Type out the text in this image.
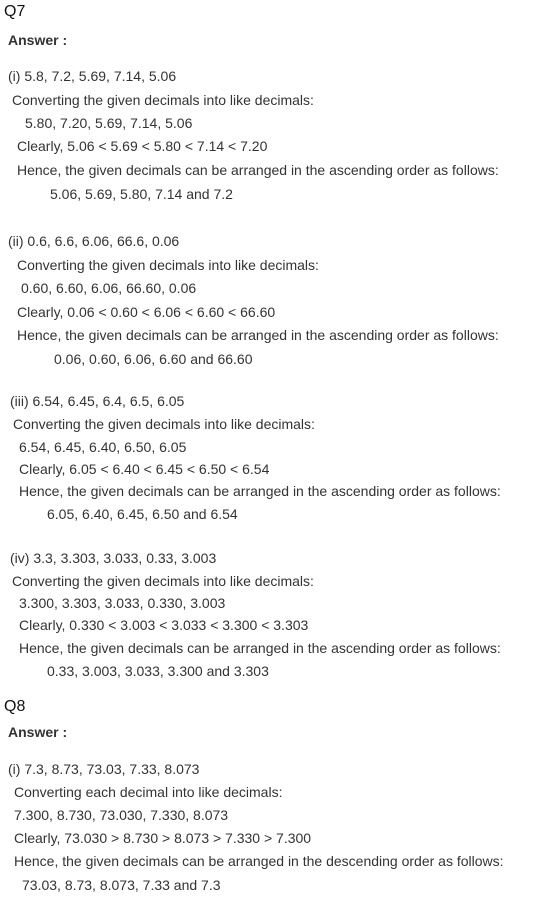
Q7
Answer :
(i) 5.8, 7.2, 5.69, 7.14, 5.06
Converting the given decimals into like decimals:
5.80, 7.20, 5.69, 7.14, 5.06
Clearly, 5.06 < 5.69 < 5.80 < 7.14 < 7.20
Hence, the given decimals can be arranged in the ascending order as follows:
5.06, 5.69, 5.80, 7.14 and 7.2
(ii) 0.6, 6.6, 6.06, 66.6, 0.06
Converting the given decimals into like decimals:
0.60, 6.60, 6.06, 66.60, 0.06
Clearly, 0.06 < 0.60 < 6.06 < 6.60 < 66.60
Hence, the given decimals can be arranged in the ascending order as follows:
0.06, 0.60, 6.06, 6.60 and 66.60
(iii) 6.54, 6.45, 6.4, 6.5, 6.05
Converting the given decimals into like decimals:
6.54, 6.45, 6.40, 6.50, 6.05
Clearly, 6.05 < 6.40 < 6.45 < 6.50 < 6.54
Hence, the given decimals can be arranged in the ascending order as follows:
6.05, 6.40, 6.45, 6.50 and 6.54
(iv) 3.3, 3.303, 3.033, 0.33, 3.003
Converting the given decimals into like decimals:
3.300, 3.303, 3.033, 0.330, 3.003
Clearly, 0.330 < 3.003 < 3.033 < 3.300 < 3.303
Hence, the given decimals can be arranged in the ascending order as follows:
0.33, 3.003, 3.033, 3.300 and 3.303
Q8
Answer :
(i) 7.3, 8.73, 73.03, 7.33, 8.073
Converting each decimal into like decimals:
7.300, 8.730, 73.030, 7.330, 8.073
Clearly, 73.030 > 8.730 > 8.073 > 7.330 > 7.300
Hence, the given decimals can be arranged in the descending order as follows:
73.03, 8.73, 8.073, 7.33 and 7.3
